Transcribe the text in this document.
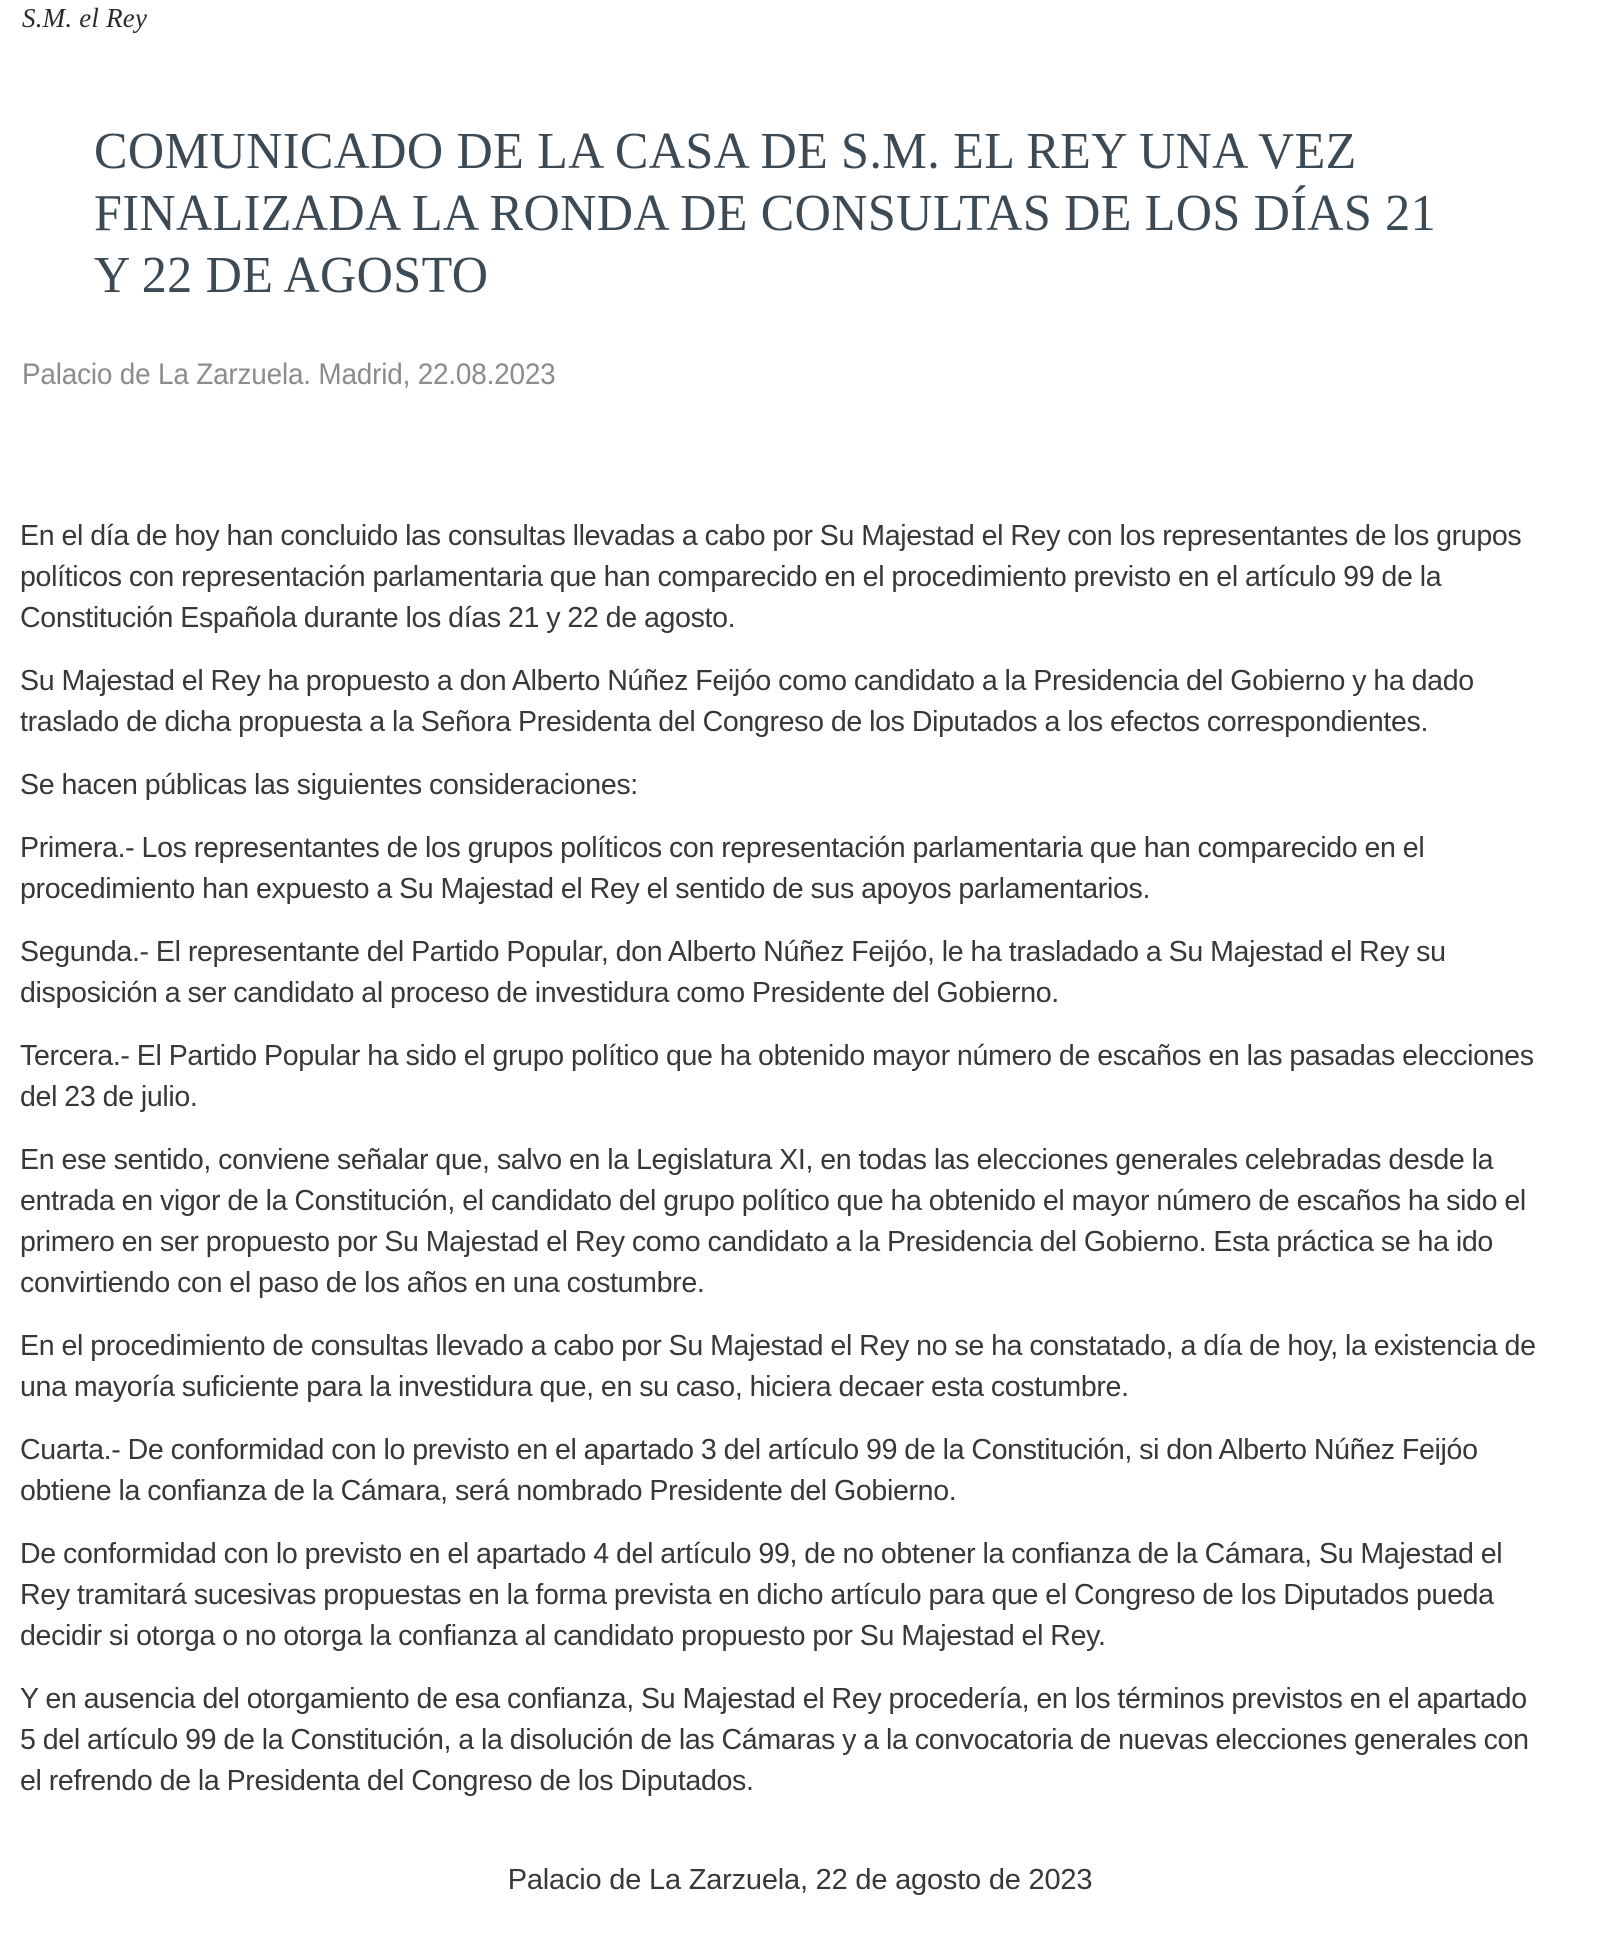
S.M. el Rey
COMUNICADO DE LA CASA DE S.M. EL REY UNA VEZ FINALIZADA LA RONDA DE CONSULTAS DE LOS DÍAS 21 Y 22 DE AGOSTO
Palacio de La Zarzuela. Madrid, 22.08.2023

En el día de hoy han concluido las consultas llevadas a cabo por Su Majestad el Rey con los representantes de los grupos políticos con representación parlamentaria que han comparecido en el procedimiento previsto en el artículo 99 de la Constitución Española durante los días 21 y 22 de agosto.

Su Majestad el Rey ha propuesto a don Alberto Núñez Feijóo como candidato a la Presidencia del Gobierno y ha dado traslado de dicha propuesta a la Señora Presidenta del Congreso de los Diputados a los efectos correspondientes.

Se hacen públicas las siguientes consideraciones:

Primera.- Los representantes de los grupos políticos con representación parlamentaria que han comparecido en el procedimiento han expuesto a Su Majestad el Rey el sentido de sus apoyos parlamentarios.

Segunda.- El representante del Partido Popular, don Alberto Núñez Feijóo, le ha trasladado a Su Majestad el Rey su disposición a ser candidato al proceso de investidura como Presidente del Gobierno.

Tercera.- El Partido Popular ha sido el grupo político que ha obtenido mayor número de escaños en las pasadas elecciones del 23 de julio.

En ese sentido, conviene señalar que, salvo en la Legislatura XI, en todas las elecciones generales celebradas desde la entrada en vigor de la Constitución, el candidato del grupo político que ha obtenido el mayor número de escaños ha sido el primero en ser propuesto por Su Majestad el Rey como candidato a la Presidencia del Gobierno. Esta práctica se ha ido convirtiendo con el paso de los años en una costumbre.

En el procedimiento de consultas llevado a cabo por Su Majestad el Rey no se ha constatado, a día de hoy, la existencia de una mayoría suficiente para la investidura que, en su caso, hiciera decaer esta costumbre.

Cuarta.- De conformidad con lo previsto en el apartado 3 del artículo 99 de la Constitución, si don Alberto Núñez Feijóo obtiene la confianza de la Cámara, será nombrado Presidente del Gobierno.

De conformidad con lo previsto en el apartado 4 del artículo 99, de no obtener la confianza de la Cámara, Su Majestad el Rey tramitará sucesivas propuestas en la forma prevista en dicho artículo para que el Congreso de los Diputados pueda decidir si otorga o no otorga la confianza al candidato propuesto por Su Majestad el Rey.

Y en ausencia del otorgamiento de esa confianza, Su Majestad el Rey procedería, en los términos previstos en el apartado 5 del artículo 99 de la Constitución, a la disolución de las Cámaras y a la convocatoria de nuevas elecciones generales con el refrendo de la Presidenta del Congreso de los Diputados.

Palacio de La Zarzuela, 22 de agosto de 2023
